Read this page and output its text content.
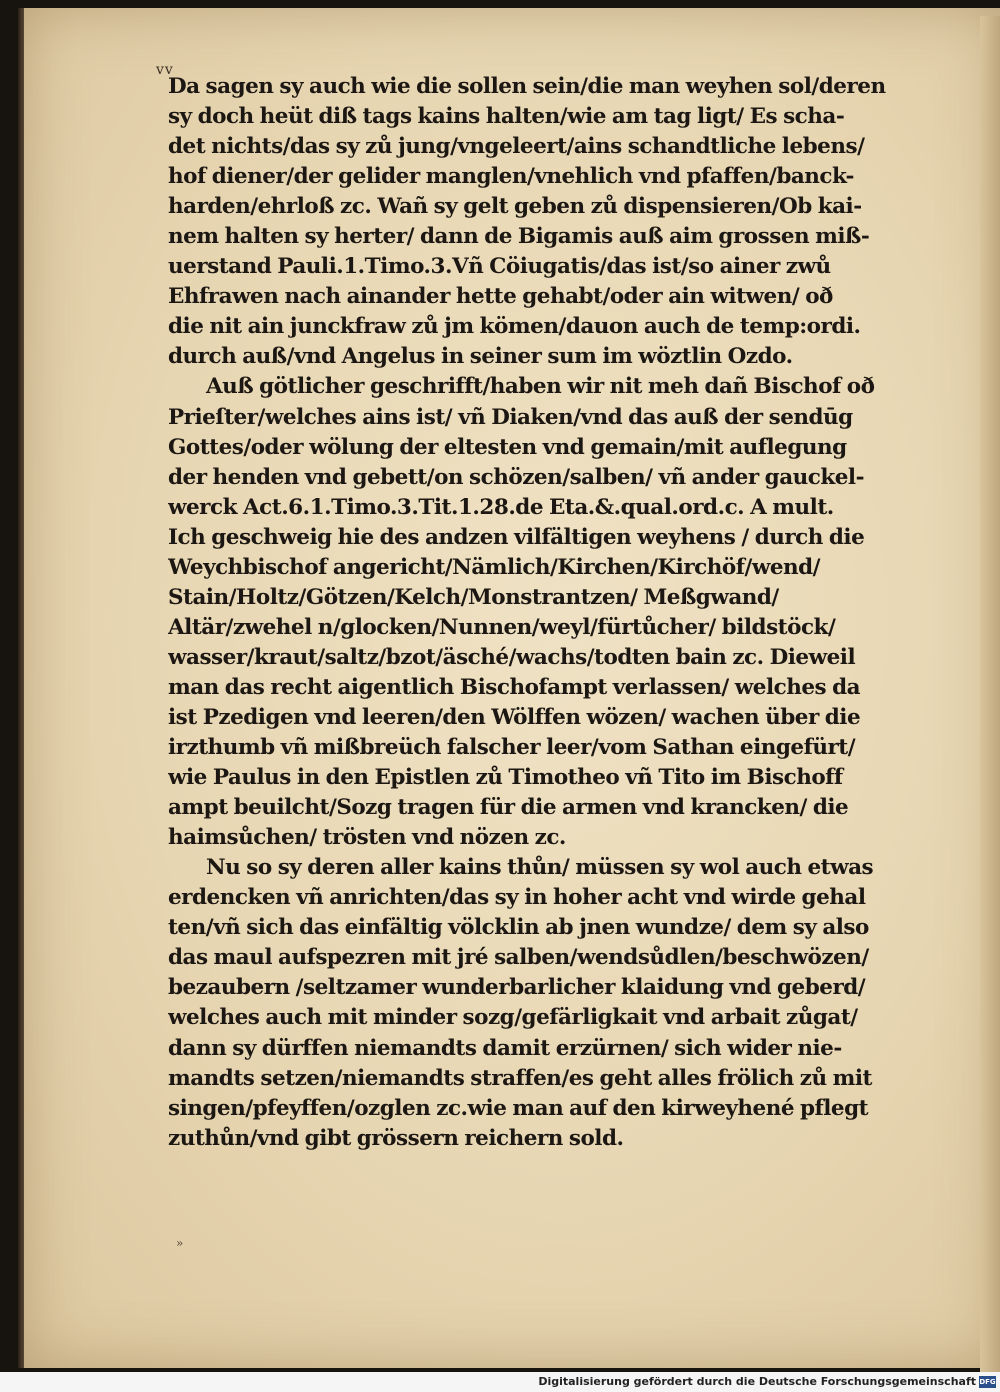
vv
Da sagen sy auch wie die sollen sein/die man weyhen sol/deren
sy doch heüt diß tags kains halten/wie am tag ligt/ Es scha-
det nichts/das sy zů jung/vngeleert/ains schandtliche lebens/
hof diener/der gelider manglen/vnehlich vnd pfaffen/banck-
harden/ehrloß zc. Wañ sy gelt geben zů dispensieren/Ob kai-
nem halten sy herter/ dann de Bigamis auß aim grossen miß-
uerstand Pauli.1.Timo.3.Vñ Cöiugatis/das ist/so ainer zwů
Ehfrawen nach ainander hette gehabt/oder ain witwen/ oð
die nit ain junckfraw zů jm kömen/dauon auch de temp:ordi.
durch auß/vnd Angelus in seiner sum im wöztlin Ozdo.
Auß götlicher geschrifft/haben wir nit meh dañ Bischof oð
Prieſter/welches ains ist/ vñ Diaken/vnd das auß der sendūg
Gottes/oder wölung der eltesten vnd gemain/mit auflegung
der henden vnd gebett/on schözen/salben/ vñ ander gauckel-
werck Act.6.1.Timo.3.Tit.1.28.de Eta.&.qual.ord.c. A mult.
Ich geschweig hie des andzen vilfältigen weyhens / durch die
Weychbischof angericht/Nämlich/Kirchen/Kirchöf/wend/
Stain/Holtz/Götzen/Kelch/Monstrantzen/ Meßgwand/
Altär/zwehel n/glocken/Nunnen/weyl/fürtůcher/ bildstöck/
wasser/kraut/saltz/bzot/äsché/wachs/todten bain zc. Dieweil
man das recht aigentlich Bischofampt verlassen/ welches da
ist Pzedigen vnd leeren/den Wölffen wözen/ wachen über die
irzthumb vñ mißbreüch falscher leer/vom Sathan eingefürt/
wie Paulus in den Epistlen zů Timotheo vñ Tito im Bischoff
ampt beuilcht/Sozg tragen für die armen vnd krancken/ die
haimsůchen/ trösten vnd nözen zc.
Nu so sy deren aller kains thůn/ müssen sy wol auch etwas
erdencken vñ anrichten/das sy in hoher acht vnd wirde gehal
ten/vñ sich das einfältig völcklin ab jnen wundze/ dem sy also
das maul aufspezren mit jré salben/wendsůdlen/beschwözen/
bezaubern /seltzamer wunderbarlicher klaidung vnd geberd/
welches auch mit minder sozg/gefärligkait vnd arbait zůgat/
dann sy dürffen niemandts damit erzürnen/ sich wider nie-
mandts setzen/niemandts straffen/es geht alles frölich zů mit
singen/pfeyffen/ozglen zc.wie man auf den kirweyhené pflegt
zuthůn/vnd gibt grössern reichern sold.
»
Digitalisierung gefördert durch die Deutsche Forschungsgemeinschaft DFG
